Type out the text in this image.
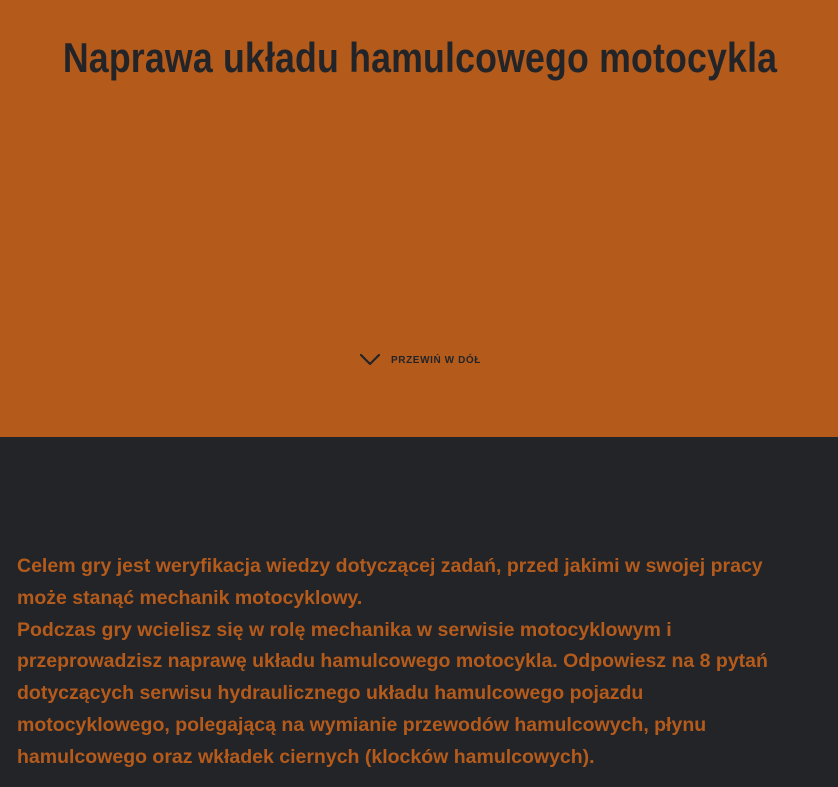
Naprawa układu hamulcowego motocykla
PRZEWIŃ W DÓŁ

Celem gry jest weryfikacja wiedzy dotyczącej zadań, przed jakimi w swojej pracy może stanąć mechanik motocyklowy.

Podczas gry wcielisz się w rolę mechanika w serwisie motocyklowym i przeprowadzisz naprawę układu hamulcowego motocykla. Odpowiesz na 8 pytań dotyczących serwisu hydraulicznego układu hamulcowego pojazdu motocyklowego, polegającą na wymianie przewodów hamulcowych, płynu hamulcowego oraz wkładek ciernych (klocków hamulcowych).
